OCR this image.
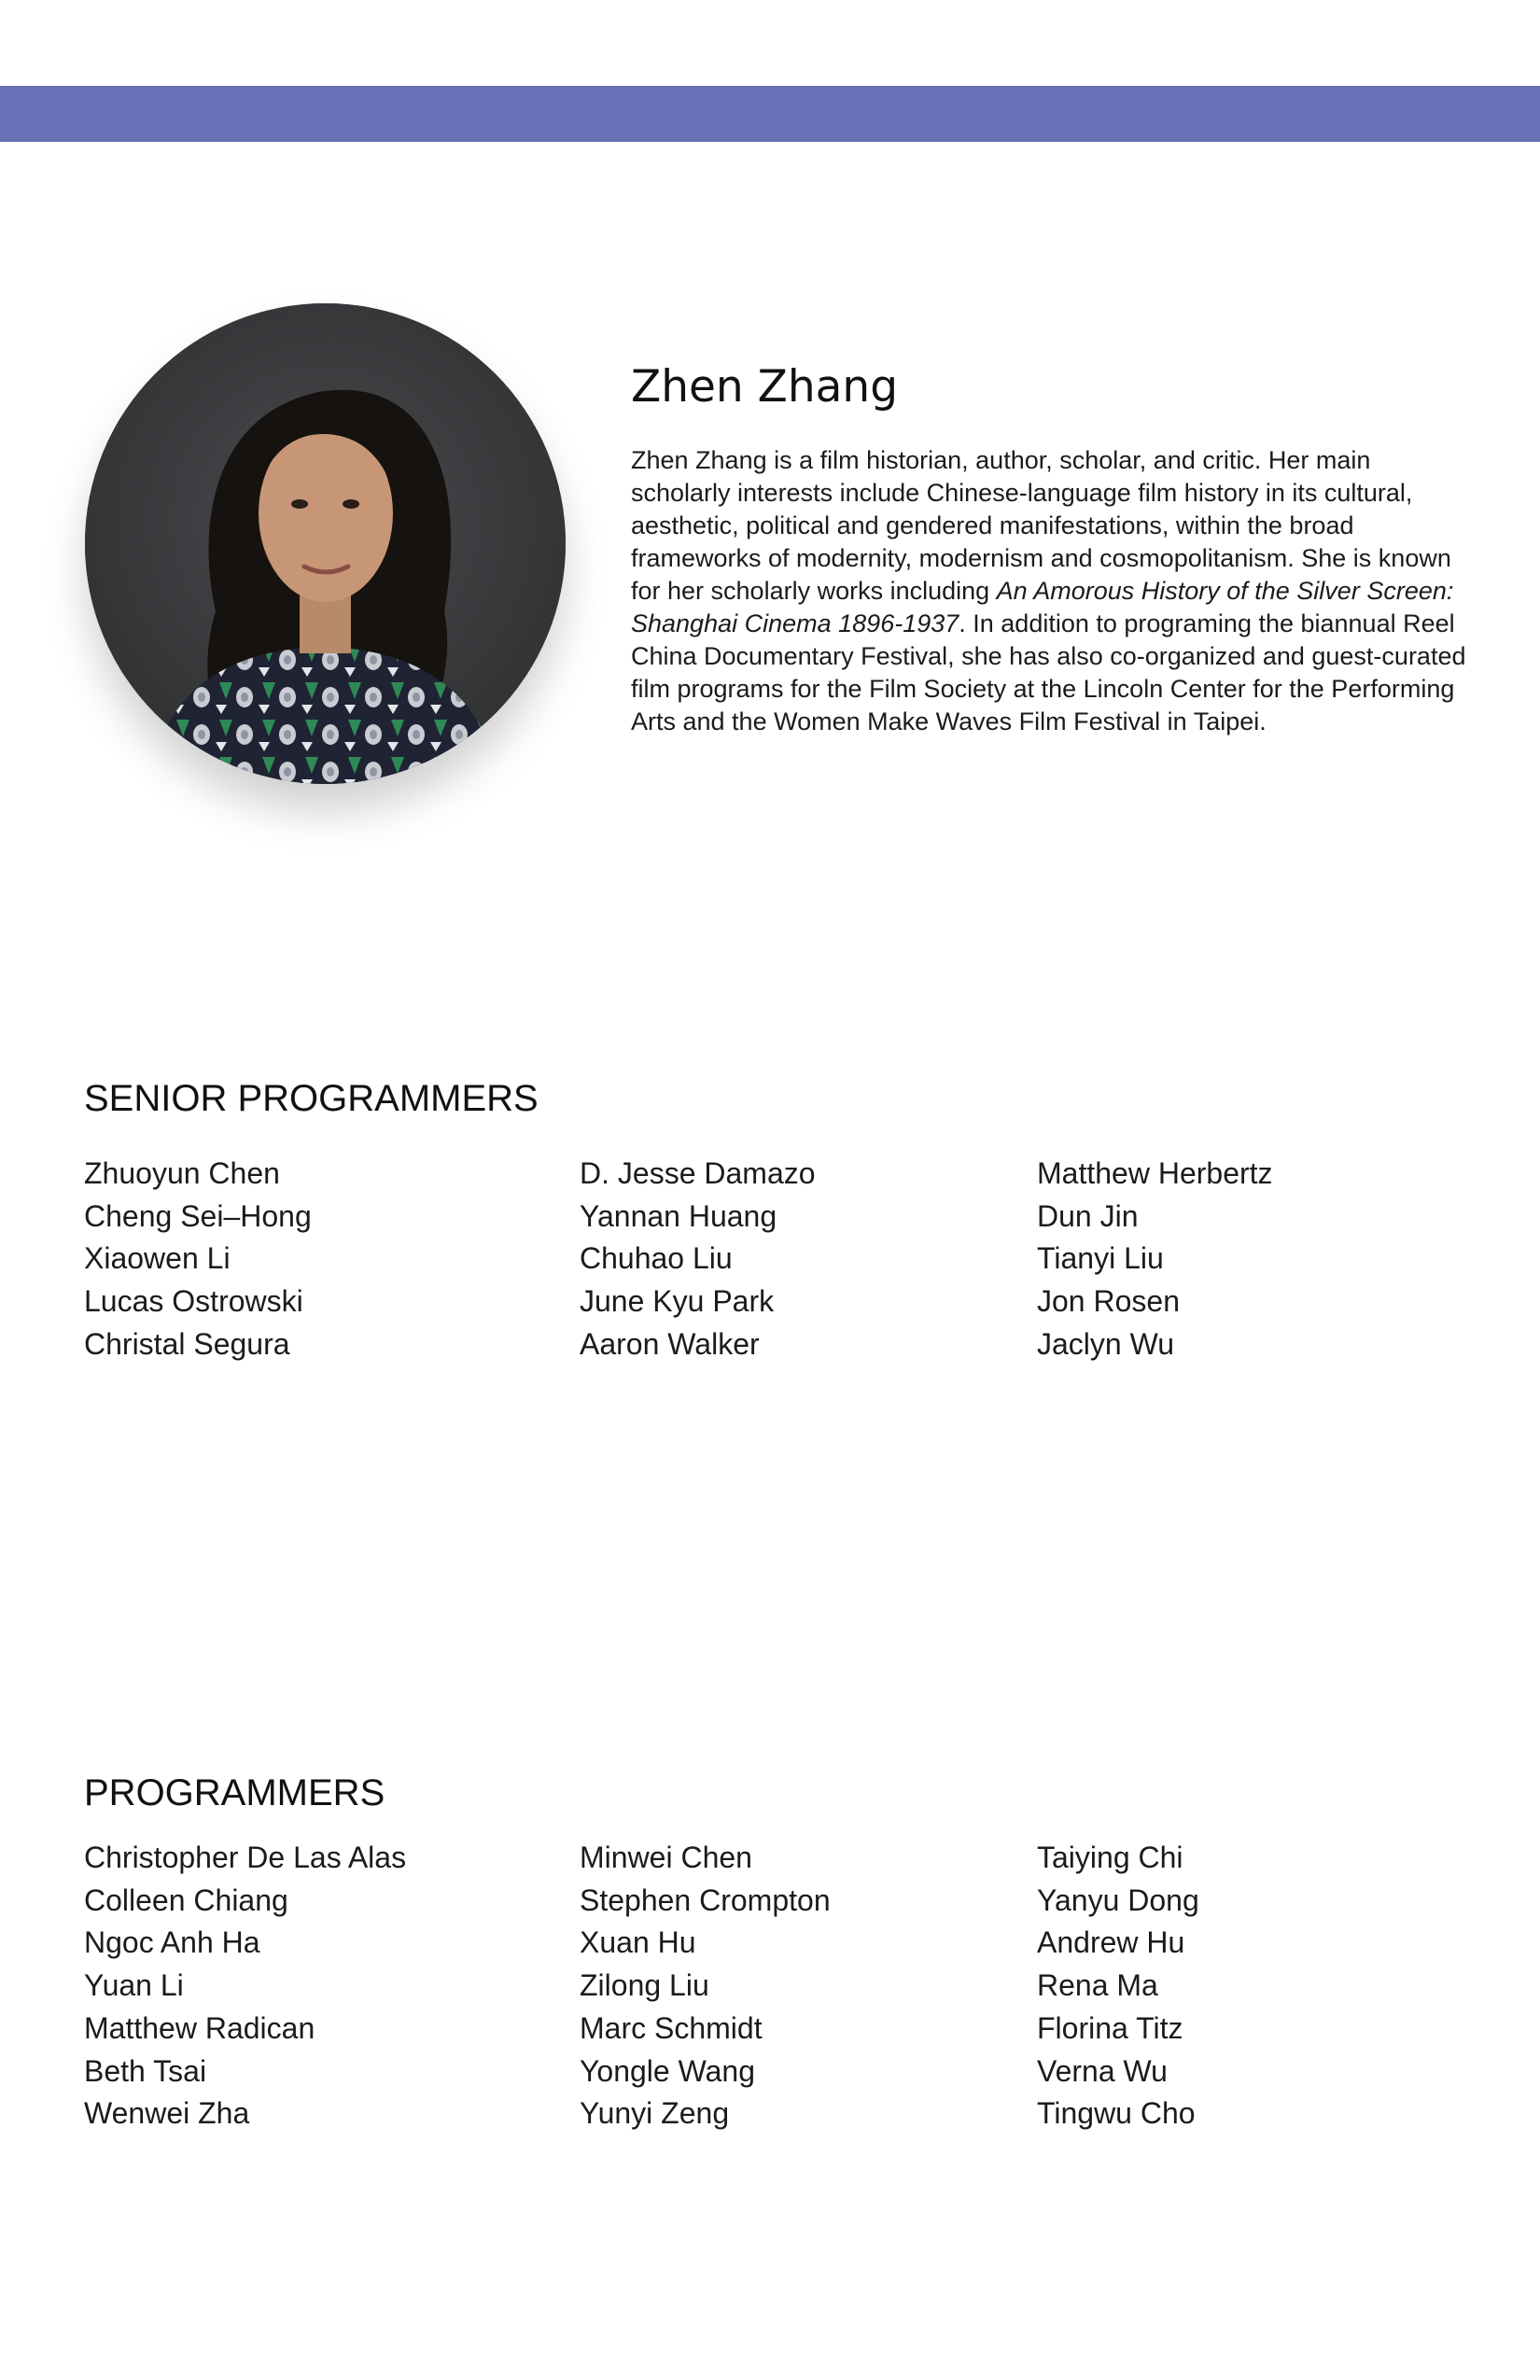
Zhen Zhang

Zhen Zhang is a film historian, author, scholar, and critic. Her main scholarly interests include Chinese-language film history in its cultural, aesthetic, political and gendered manifestations, within the broad frameworks of modernity, modernism and cosmopolitanism. She is known for her scholarly works including An Amorous History of the Silver Screen: Shanghai Cinema 1896-1937. In addition to programing the biannual Reel China Documentary Festival, she has also co-organized and guest-curated film programs for the Film Society at the Lincoln Center for the Performing Arts and the Women Make Waves Film Festival in Taipei.

SENIOR PROGRAMMERS
Zhuoyun Chen
Cheng Sei–Hong
Xiaowen Li
Lucas Ostrowski
Christal Segura
D. Jesse Damazo
Yannan Huang
Chuhao Liu
June Kyu Park
Aaron Walker
Matthew Herbertz
Dun Jin
Tianyi Liu
Jon Rosen
Jaclyn Wu
PROGRAMMERS
Christopher De Las Alas
Colleen Chiang
Ngoc Anh Ha
Yuan Li
Matthew Radican
Beth Tsai
Wenwei Zha
Minwei Chen
Stephen Crompton
Xuan Hu
Zilong Liu
Marc Schmidt
Yongle Wang
Yunyi Zeng
Taiying Chi
Yanyu Dong
Andrew Hu
Rena Ma
Florina Titz
Verna Wu
Tingwu Cho
